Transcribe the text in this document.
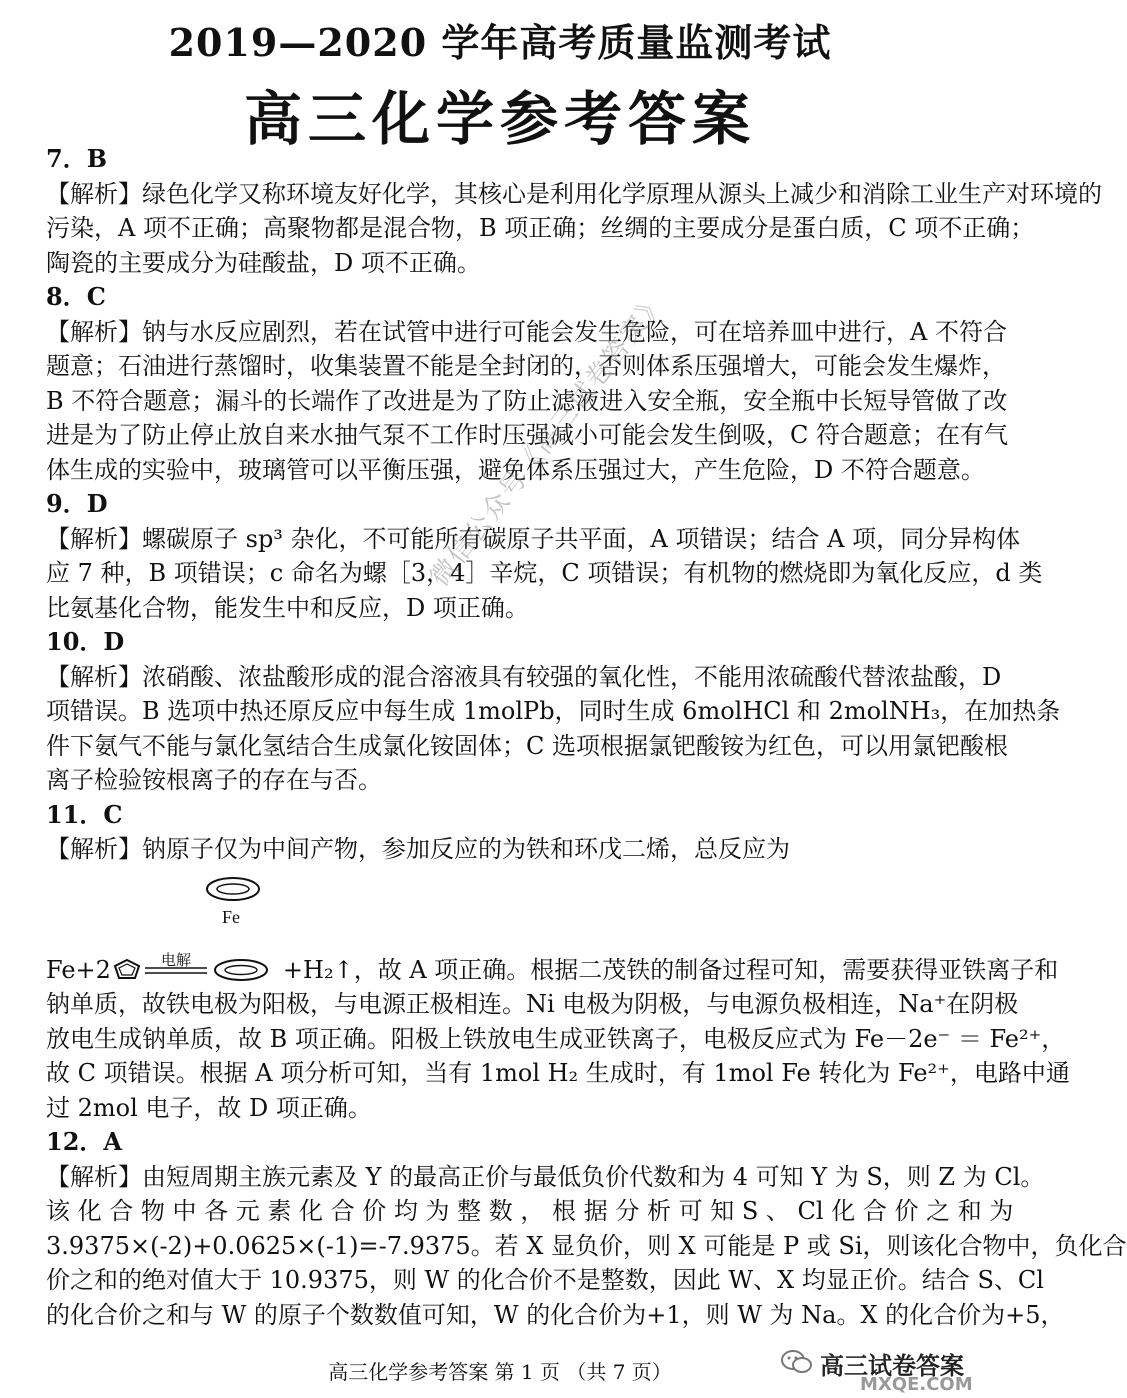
2019—2020 学年高考质量监测考试
高三化学参考答案
7．B
【解析】绿色化学又称环境友好化学，其核心是利用化学原理从源头上减少和消除工业生产对环境的
污染，A 项不正确；高聚物都是混合物，B 项正确；丝绸的主要成分是蛋白质，C 项不正确；
陶瓷的主要成分为硅酸盐，D 项不正确。
8．C
【解析】钠与水反应剧烈，若在试管中进行可能会发生危险，可在培养皿中进行，A 不符合
题意；石油进行蒸馏时，收集装置不能是全封闭的，否则体系压强增大，可能会发生爆炸，
B 不符合题意；漏斗的长端作了改进是为了防止滤液进入安全瓶，安全瓶中长短导管做了改
进是为了防止停止放自来水抽气泵不工作时压强减小可能会发生倒吸，C 符合题意；在有气
体生成的实验中，玻璃管可以平衡压强，避免体系压强过大，产生危险，D 不符合题意。
9．D
【解析】螺碳原子 sp³ 杂化，不可能所有碳原子共平面，A 项错误；结合 A 项，同分异构体
应 7 种，B 项错误；c 命名为螺［3，4］辛烷，C 项错误；有机物的燃烧即为氧化反应，d 类
比氨基化合物，能发生中和反应，D 项正确。
10．D
【解析】浓硝酸、浓盐酸形成的混合溶液具有较强的氧化性，不能用浓硫酸代替浓盐酸，D
项错误。B 选项中热还原反应中每生成 1molPb，同时生成 6molHCl 和 2molNH₃，在加热条
件下氨气不能与氯化氢结合生成氯化铵固体；C 选项根据氯钯酸铵为红色，可以用氯钯酸根
离子检验铵根离子的存在与否。
11．C
【解析】钠原子仅为中间产物，参加反应的为铁和环戊二烯，总反应为
Fe
Fe+2	电解	+H₂↑，故 A 项正确。根据二茂铁的制备过程可知，需要获得亚铁离子和
钠单质，故铁电极为阳极，与电源正极相连。Ni 电极为阴极，与电源负极相连，Na⁺在阴极
放电生成钠单质，故 B 项正确。阳极上铁放电生成亚铁离子，电极反应式为 Fe－2e⁻ ＝ Fe²⁺，
故 C 项错误。根据 A 项分析可知，当有 1mol H₂ 生成时，有 1mol Fe 转化为 Fe²⁺，电路中通
过 2mol 电子，故 D 项正确。
12．A
【解析】由短周期主族元素及 Y 的最高正价与最低负价代数和为 4 可知 Y 为 S，则 Z 为 Cl。
该 化 合 物 中 各 元 素 化 合 价 均 为 整 数 ， 根 据 分 析 可 知 S 、 Cl 化 合 价 之 和 为
3.9375×(-2)+0.0625×(-1)=-7.9375。若 X 显负价，则 X 可能是 P 或 Si，则该化合物中，负化合
价之和的绝对值大于 10.9375，则 W 的化合价不是整数，因此 W、X 均显正价。结合 S、Cl
的化合价之和与 W 的原子个数数值可知，W 的化合价为+1，则 W 为 Na。X 的化合价为+5，
微信公众号《高三试卷答案》
高三化学参考答案 第 1 页 （共 7 页）	高三试卷答案
MXQE.COM
